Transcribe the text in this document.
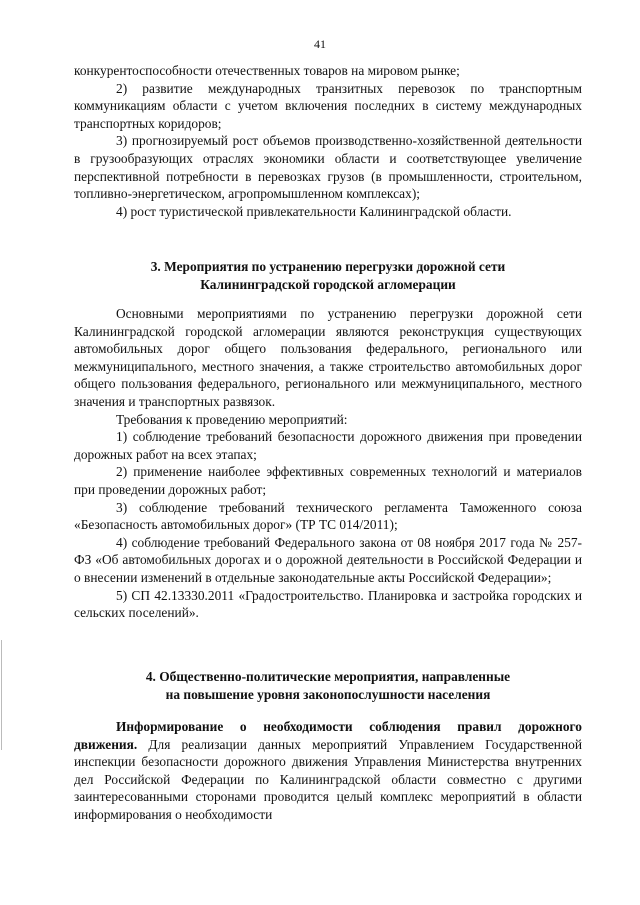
41

конкурентоспособности отечественных товаров на мировом рынке;

2) развитие международных транзитных перевозок по транспортным коммуникациям области с учетом включения последних в систему международных транспортных коридоров;

3) прогнозируемый рост объемов производственно-хозяйственной деятельности в грузообразующих отраслях экономики области и соответствующее увеличение перспективной потребности в перевозках грузов (в промышленности, строительном, топливно-энергетическом, агропромышленном комплексах);

4) рост туристической привлекательности Калининградской области.

3. Мероприятия по устранению перегрузки дорожной сети

Калининградской городской агломерации

Основными мероприятиями по устранению перегрузки дорожной сети Калининградской городской агломерации являются реконструкция существующих автомобильных дорог общего пользования федерального, регионального или межмуниципального, местного значения, а также строительство автомобильных дорог общего пользования федерального, регионального или межмуниципального, местного значения и транспортных развязок.

Требования к проведению мероприятий:

1) соблюдение требований безопасности дорожного движения при проведении дорожных работ на всех этапах;

2) применение наиболее эффективных современных технологий и материалов при проведении дорожных работ;

3) соблюдение требований технического регламента Таможенного союза «Безопасность автомобильных дорог» (ТР ТС 014/2011);

4) соблюдение требований Федерального закона от 08 ноября 2017 года № 257-ФЗ «Об автомобильных дорогах и о дорожной деятельности в Российской Федерации и о внесении изменений в отдельные законодательные акты Российской Федерации»;

5) СП 42.13330.2011 «Градостроительство. Планировка и застройка городских и сельских поселений».

4. Общественно-политические мероприятия, направленные

на повышение уровня законопослушности населения

Информирование о необходимости соблюдения правил дорожного движения. Для реализации данных мероприятий Управлением Государственной инспекции безопасности дорожного движения Управления Министерства внутренних дел Российской Федерации по Калининградской области совместно с другими заинтересованными сторонами проводится целый комплекс мероприятий в области информирования о необходимости
